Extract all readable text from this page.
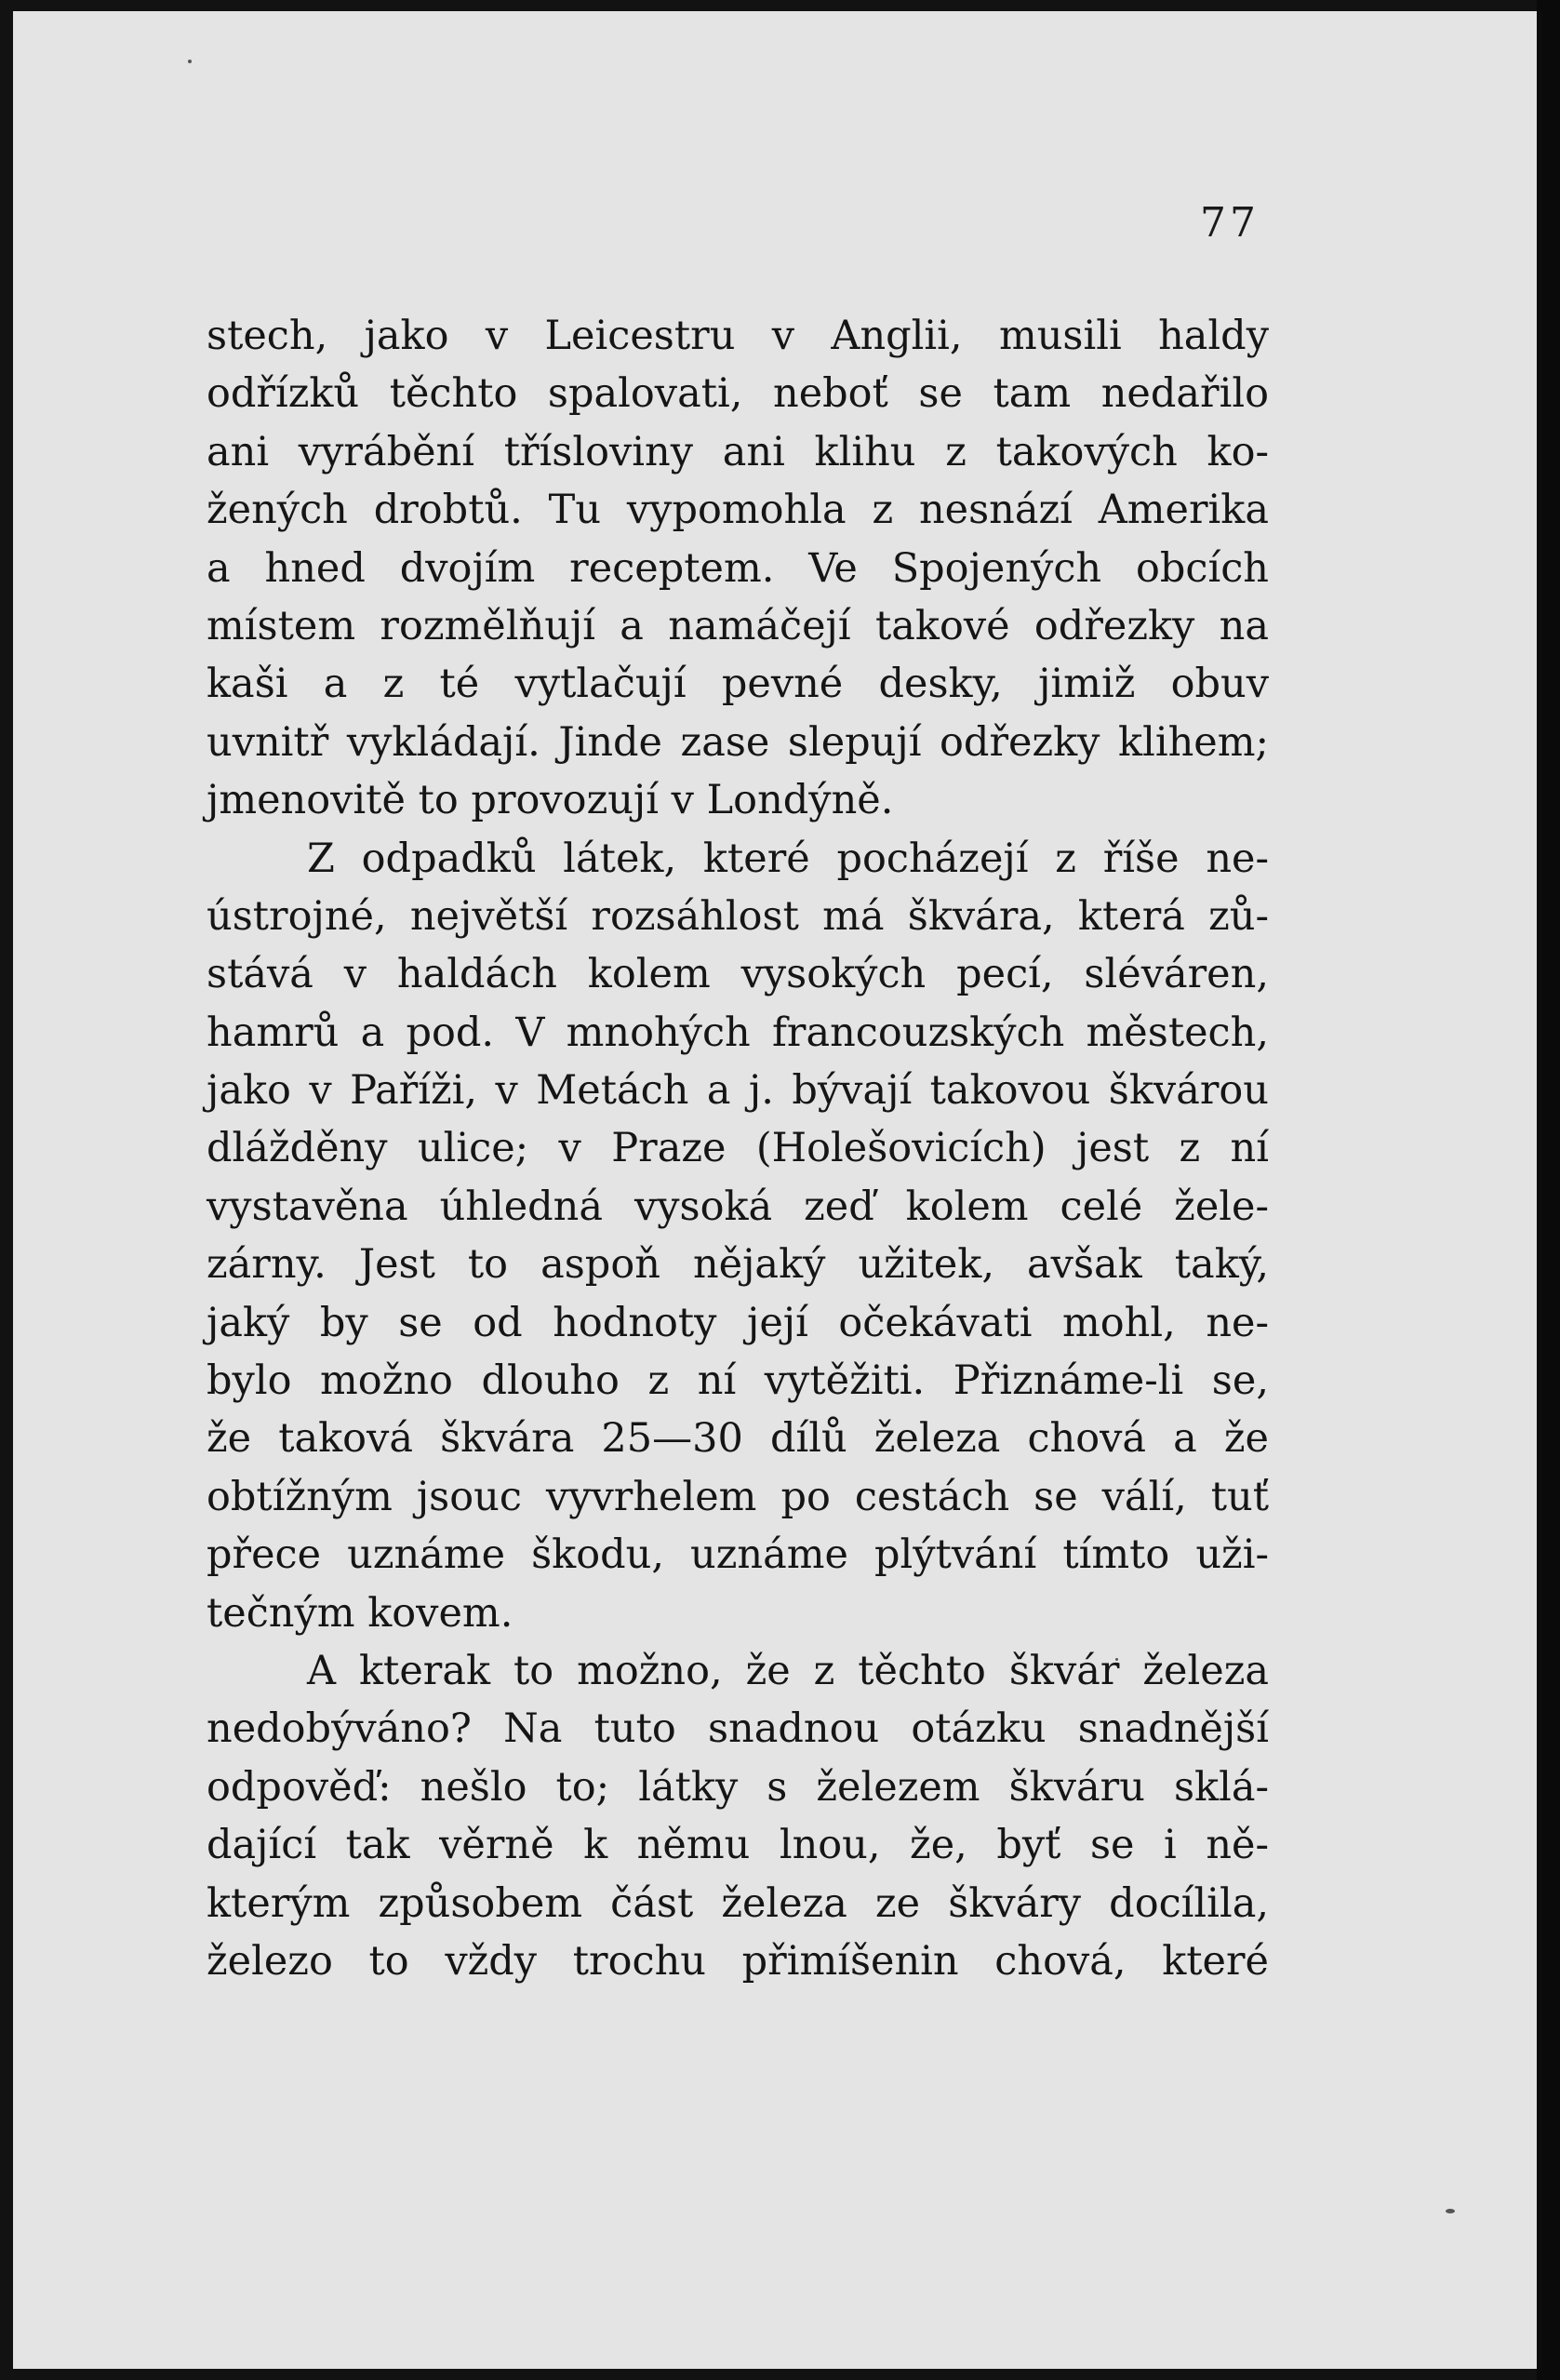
77
stech, jako v Leicestru v Anglii, musili haldy
odřízků těchto spalovati, neboť se tam nedařilo
ani vyrábění třísloviny ani klihu z takových ko-
žených drobtů. Tu vypomohla z nesnází Amerika
a hned dvojím receptem. Ve Spojených obcích
místem rozmělňují a namáčejí takové odřezky na
kaši a z té vytlačují pevné desky, jimiž obuv
uvnitř vykládají. Jinde zase slepují odřezky klihem;
jmenovitě to provozují v Londýně.
Z odpadků látek, které pocházejí z říše ne-
ústrojné, největší rozsáhlost má škvára, která zů-
stává v haldách kolem vysokých pecí, sléváren,
hamrů a pod. V mnohých francouzských městech,
jako v Paříži, v Metách a j. bývají takovou škvárou
dlážděny ulice; v Praze (Holešovicích) jest z ní
vystavěna úhledná vysoká zeď kolem celé žele-
zárny. Jest to aspoň nějaký užitek, avšak taký,
jaký by se od hodnoty její očekávati mohl, ne-
bylo možno dlouho z ní vytěžiti. Přiznáme-li se,
že taková škvára 25—30 dílů železa chová a že
obtížným jsouc vyvrhelem po cestách se válí, tuť
přece uznáme škodu, uznáme plýtvání tímto uži-
tečným kovem.
A kterak to možno, že z těchto škvár železa
nedobýváno? Na tuto snadnou otázku snadnější
odpověď: nešlo to; látky s železem škváru sklá-
dající tak věrně k němu lnou, že, byť se i ně-
kterým způsobem část železa ze škváry docílila,
železo to vždy trochu přimíšenin chová, které
